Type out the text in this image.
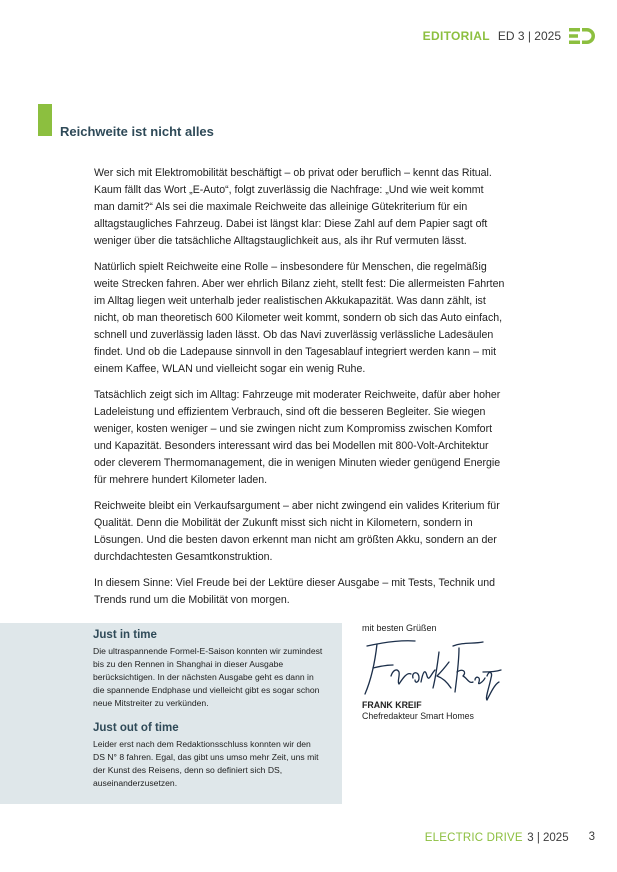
EDITORIAL ED 3 | 2025
Reichweite ist nicht alles

Wer sich mit Elektromobilität beschäftigt – ob privat oder beruflich – kennt das Ritual. Kaum fällt das Wort „E-Auto“, folgt zuverlässig die Nachfrage: „Und wie weit kommt man damit?“ Als sei die maximale Reichweite das alleinige Gütekriterium für ein alltagstaugliches Fahrzeug. Dabei ist längst klar: Diese Zahl auf dem Papier sagt oft weniger über die tatsächliche Alltagstauglichkeit aus, als ihr Ruf vermuten lässt.

Natürlich spielt Reichweite eine Rolle – insbesondere für Menschen, die regelmäßig weite Strecken fahren. Aber wer ehrlich Bilanz zieht, stellt fest: Die allermeisten Fahrten im Alltag liegen weit unterhalb jeder realistischen Akkukapazität. Was dann zählt, ist nicht, ob man theoretisch 600 Kilometer weit kommt, sondern ob sich das Auto einfach, schnell und zuverlässig laden lässt. Ob das Navi zuverlässig verlässliche Ladesäulen findet. Und ob die Ladepause sinnvoll in den Tagesablauf integriert werden kann – mit einem Kaffee, WLAN und vielleicht sogar ein wenig Ruhe.

Tatsächlich zeigt sich im Alltag: Fahrzeuge mit moderater Reichweite, dafür aber hoher Ladeleistung und effizientem Verbrauch, sind oft die besseren Begleiter. Sie wiegen weniger, kosten weniger – und sie zwingen nicht zum Kompromiss zwischen Komfort und Kapazität. Besonders interessant wird das bei Modellen mit 800-Volt-Architektur oder cleverem Thermomanagement, die in wenigen Minuten wieder genügend Energie für mehrere hundert Kilometer laden.

Reichweite bleibt ein Verkaufsargument – aber nicht zwingend ein valides Kriterium für Qualität. Denn die Mobilität der Zukunft misst sich nicht in Kilometern, sondern in Lösungen. Und die besten davon erkennt man nicht am größten Akku, sondern an der durchdachtesten Gesamtkonstruktion.

In diesem Sinne: Viel Freude bei der Lektüre dieser Ausgabe – mit Tests, Technik und Trends rund um die Mobilität von morgen.

Just in time

Die ultraspannende Formel-E-Saison konnten wir zumindest bis zu den Rennen in Shanghai in dieser Ausgabe berücksichtigen. In der nächsten Ausgabe geht es dann in die spannende Endphase und vielleicht gibt es sogar schon neue Mitstreiter zu verkünden.

Just out of time

Leider erst nach dem Redaktionsschluss konnten wir den DS N° 8 fahren. Egal, das gibt uns umso mehr Zeit, uns mit der Kunst des Reisens, denn so definiert sich DS, auseinanderzusetzen.

mit besten Grüßen
FRANK KREIF
Chefredakteur Smart Homes
ELECTRIC DRIVE 3 | 2025 3
